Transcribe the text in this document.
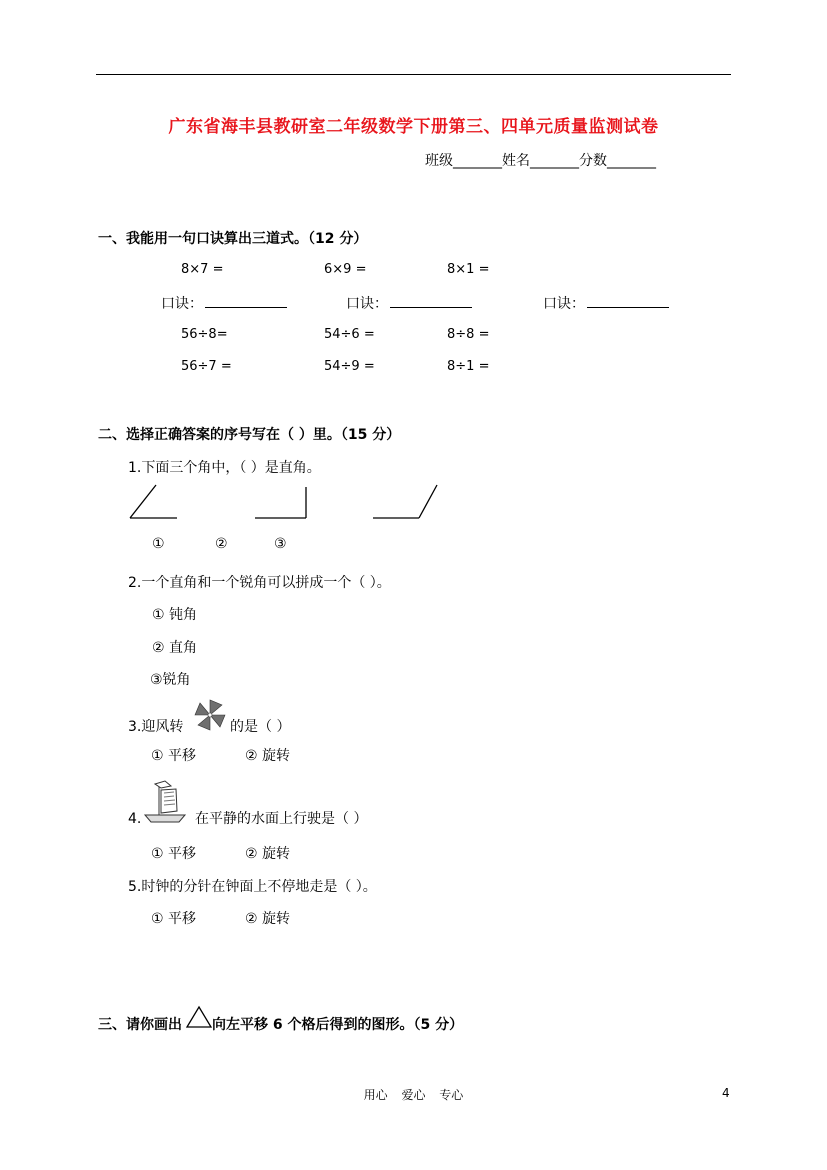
广东省海丰县教研室二年级数学下册第三、四单元质量监测试卷
班级_______姓名_______分数_______
一、我能用一句口诀算出三道式。（12 分）
8×7 =	6×9 =	8×1 =
口诀：	口诀：	口诀：
56÷8=	54÷6 =	8÷8 =
56÷7 =	54÷9 =	8÷1 =
二、选择正确答案的序号写在（ ）里。（15 分）
1.下面三个角中，（ ）是直角。
①	②	③
2.一个直角和一个锐角可以拼成一个（ ）。
① 钝角
② 直角
③锐角
3.迎风转	的是（ ）
① 平移	② 旋转
4.	在平静的水面上行驶是（ ）
① 平移	② 旋转
5.时钟的分针在钟面上不停地走是（ ）。
① 平移	② 旋转
三、请你画出 向左平移 6 个格后得到的图形。（5 分）
用心 爱心 专心	4
